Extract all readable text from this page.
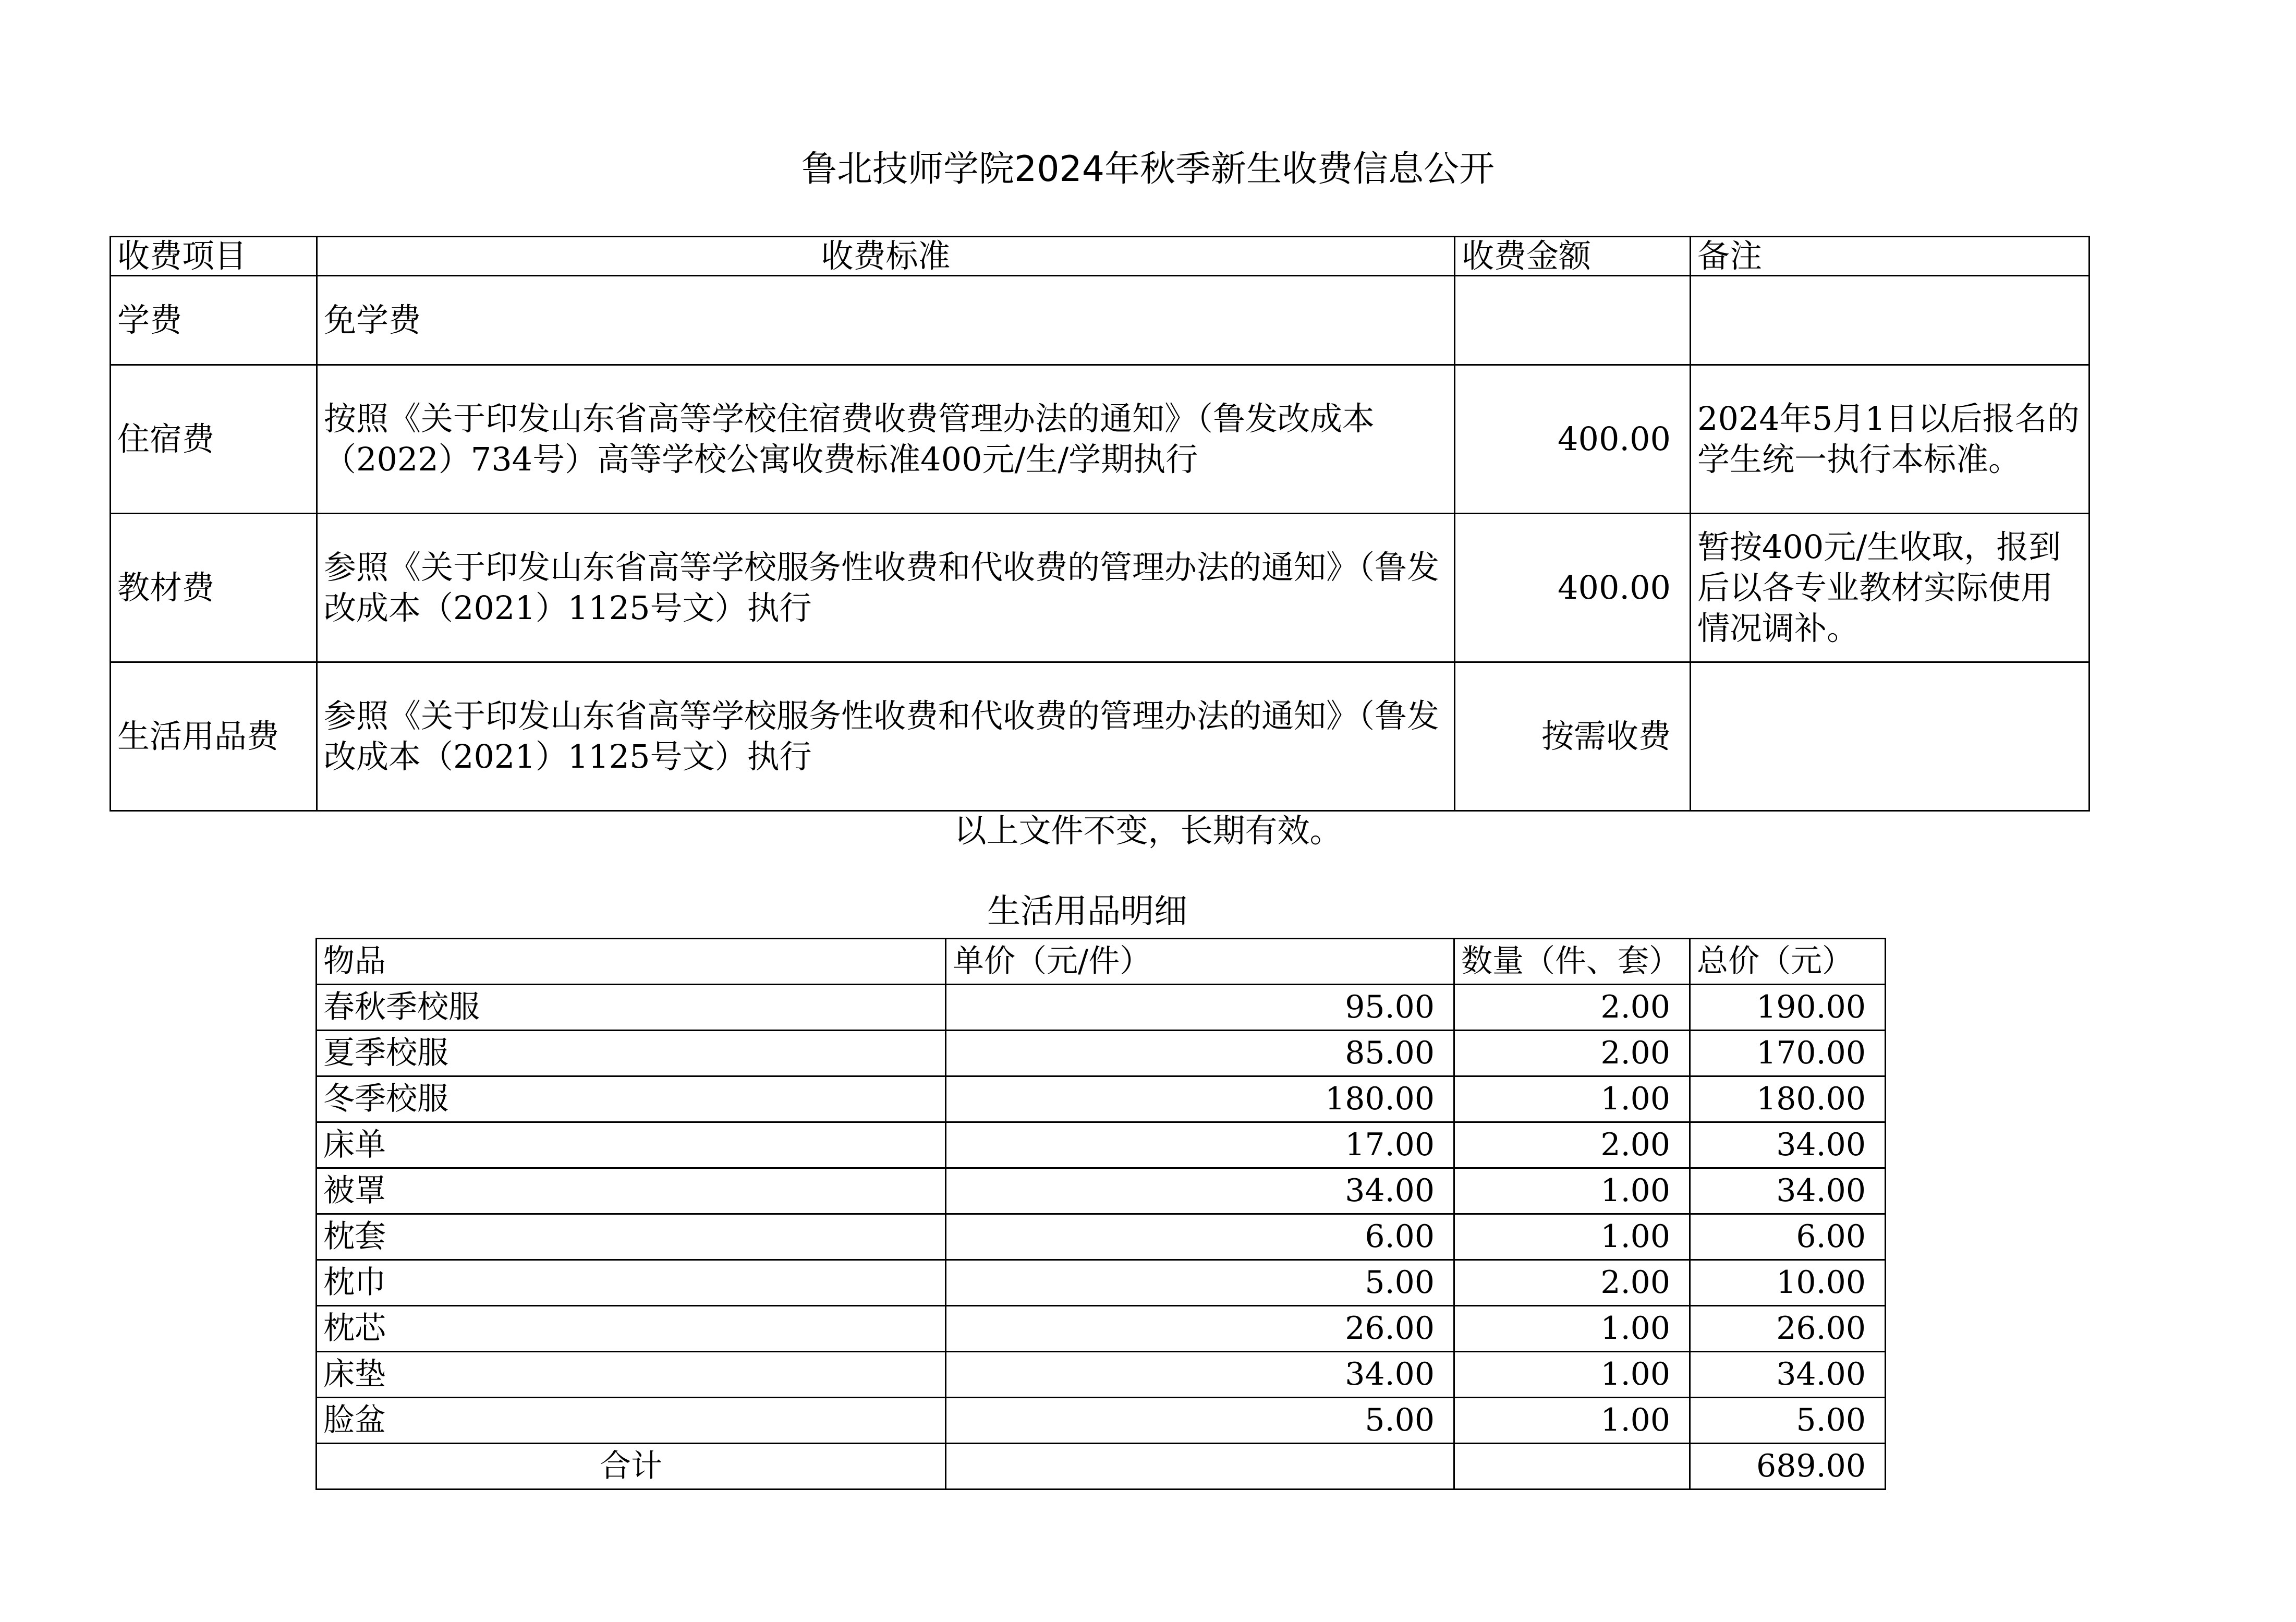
鲁北技师学院2024年秋季新生收费信息公开
收费项目	收费标准	收费金额	备注
学费	免学费		
住宿费	按照《关于印发山东省高等学校住宿费收费管理办法的通知》（鲁发改成本（2022）734号）高等学校公寓收费标准400元/生/学期执行	400.00	2024年5月1日以后报名的学生统一执行本标准。
教材费	参照《关于印发山东省高等学校服务性收费和代收费的管理办法的通知》（鲁发改成本（2021）1125号文）执行	400.00	暂按400元/生收取，报到后以各专业教材实际使用情况调补。
生活用品费	参照《关于印发山东省高等学校服务性收费和代收费的管理办法的通知》（鲁发改成本（2021）1125号文）执行	按需收费	
以上文件不变，长期有效。
生活用品明细
物品	单价（元/件）	数量（件、套）	总价（元）
春秋季校服	95.00	2.00	190.00
夏季校服	85.00	2.00	170.00
冬季校服	180.00	1.00	180.00
床单	17.00	2.00	34.00
被罩	34.00	1.00	34.00
枕套	6.00	1.00	6.00
枕巾	5.00	2.00	10.00
枕芯	26.00	1.00	26.00
床垫	34.00	1.00	34.00
脸盆	5.00	1.00	5.00
合计			689.00
